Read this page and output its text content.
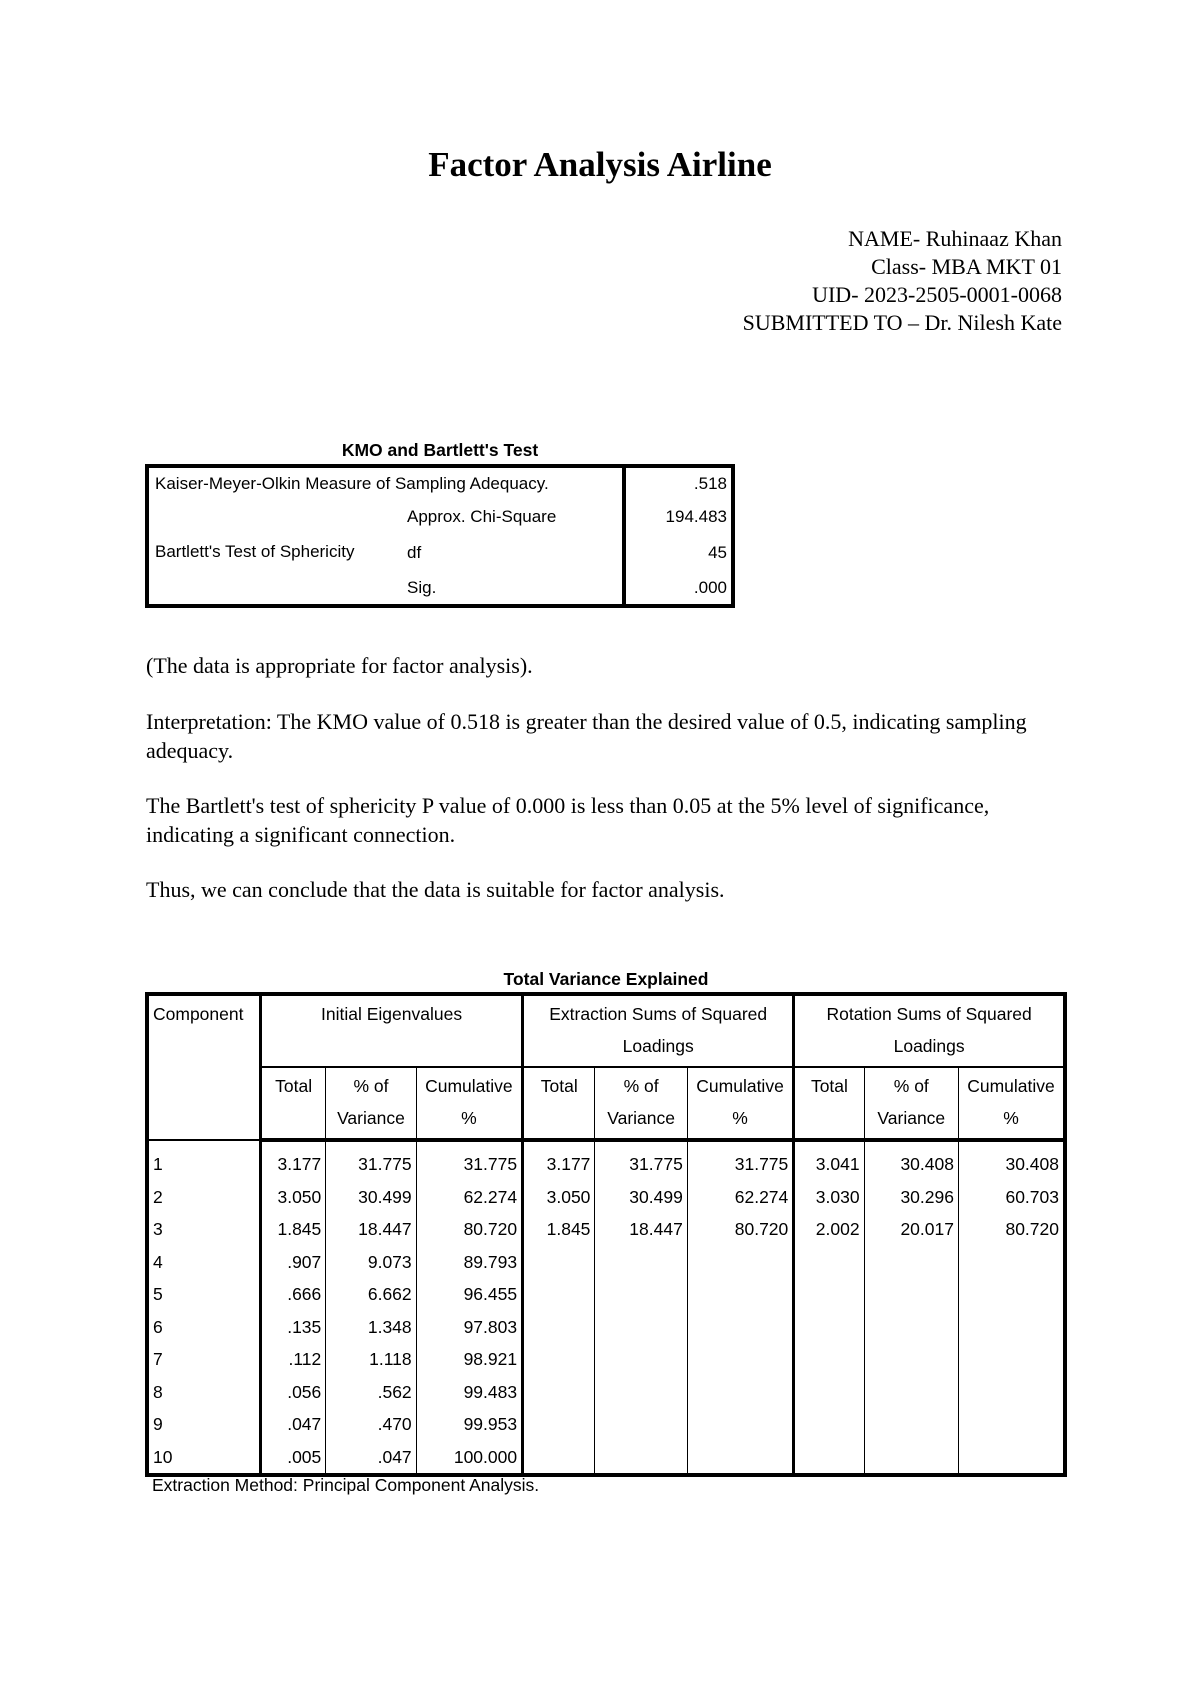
Factor Analysis Airline
NAME- Ruhinaaz Khan
Class- MBA MKT 01
UID- 2023-2505-0001-0068
SUBMITTED TO – Dr. Nilesh Kate
KMO and Bartlett's Test
Kaiser-Meyer-Olkin Measure of Sampling Adequacy.		.518
Bartlett's Test of Sphericity	Approx. Chi-Square	194.483
	df	45
	Sig.	.000
(The data is appropriate for factor analysis).
Interpretation: The KMO value of 0.518 is greater than the desired value of 0.5, indicating sampling adequacy.
The Bartlett's test of sphericity P value of 0.000 is less than 0.05 at the 5% level of significance, indicating a significant connection.
Thus, we can conclude that the data is suitable for factor analysis.
Total Variance Explained
Component	Initial Eigenvalues			Extraction Sums of Squared Loadings			Rotation Sums of Squared Loadings		
	Total	% of Variance	Cumulative %	Total	% of Variance	Cumulative %	Total	% of Variance	Cumulative %
1	3.177	31.775	31.775	3.177	31.775	31.775	3.041	30.408	30.408
2	3.050	30.499	62.274	3.050	30.499	62.274	3.030	30.296	60.703
3	1.845	18.447	80.720	1.845	18.447	80.720	2.002	20.017	80.720
4	.907	9.073	89.793						
5	.666	6.662	96.455						
6	.135	1.348	97.803						
7	.112	1.118	98.921						
8	.056	.562	99.483						
9	.047	.470	99.953						
10	.005	.047	100.000						
Extraction Method: Principal Component Analysis.
